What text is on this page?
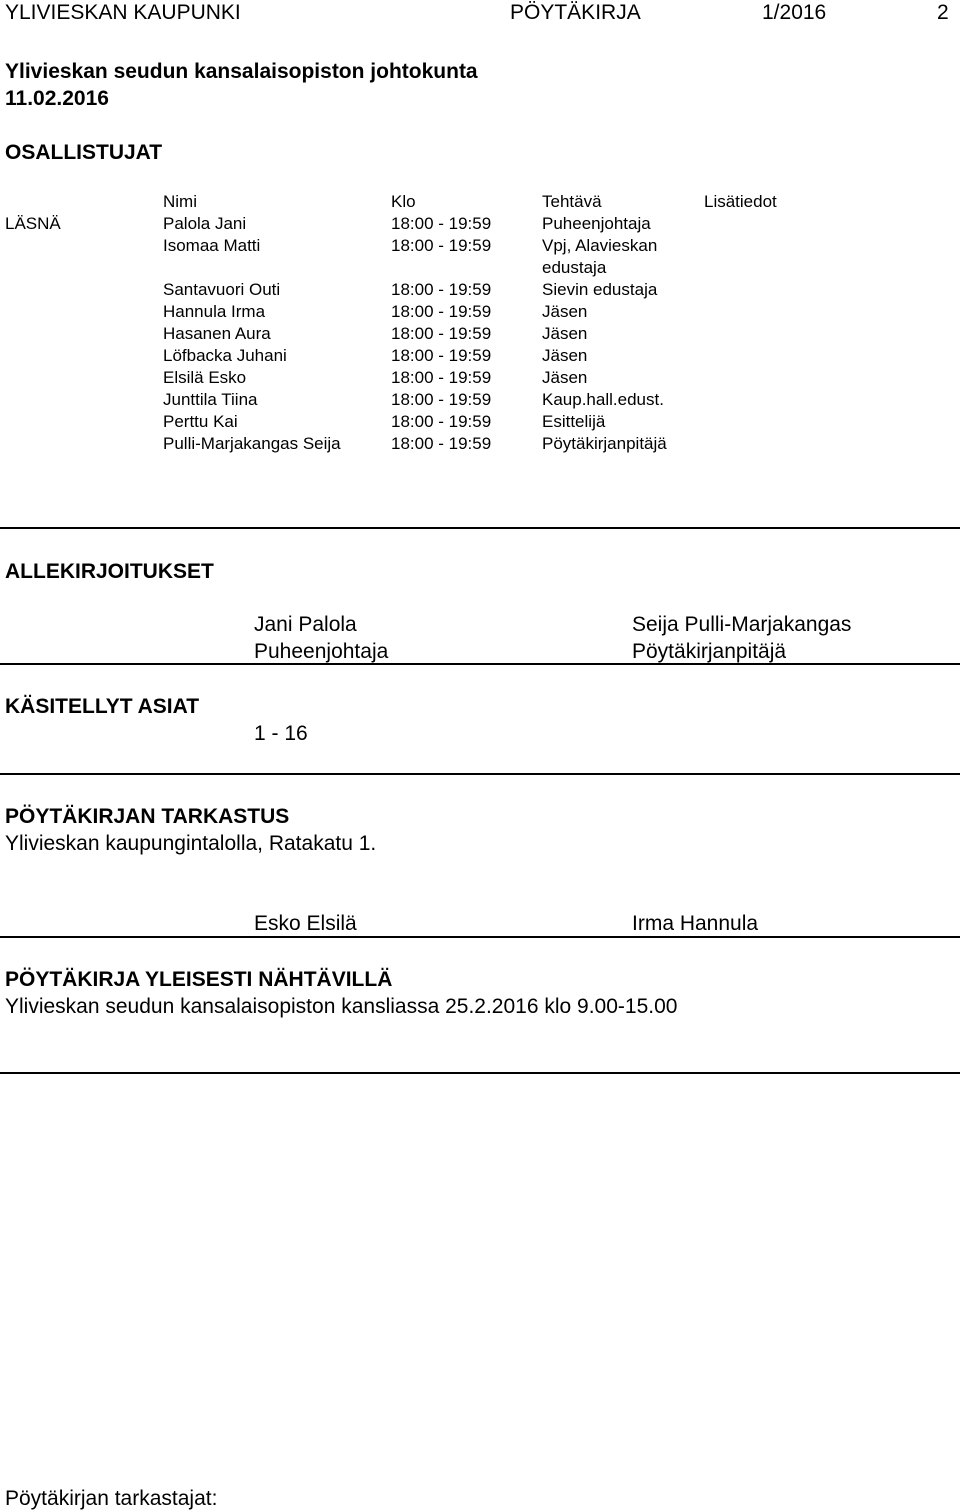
YLIVIESKAN KAUPUNKI	PÖYTÄKIRJA	1/2016	2
Ylivieskan seudun kansalaisopiston johtokunta
11.02.2016
OSALLISTUJAT
	Nimi	Klo	Tehtävä	Lisätiedot
LÄSNÄ	Palola Jani	18:00 - 19:59	Puheenjohtaja	
	Isomaa Matti	18:00 - 19:59	Vpj, Alavieskan edustaja	
	Santavuori Outi	18:00 - 19:59	Sievin edustaja	
	Hannula Irma	18:00 - 19:59	Jäsen	
	Hasanen Aura	18:00 - 19:59	Jäsen	
	Löfbacka Juhani	18:00 - 19:59	Jäsen	
	Elsilä Esko	18:00 - 19:59	Jäsen	
	Junttila Tiina	18:00 - 19:59	Kaup.hall.edust.	
	Perttu Kai	18:00 - 19:59	Esittelijä	
	Pulli-Marjakangas Seija	18:00 - 19:59	Pöytäkirjanpitäjä	
ALLEKIRJOITUKSET
Jani Palola
Puheenjohtaja
Seija Pulli-Marjakangas
Pöytäkirjanpitäjä
KÄSITELLYT ASIAT
1 - 16
PÖYTÄKIRJAN TARKASTUS
Ylivieskan kaupungintalolla, Ratakatu 1.
Esko Elsilä	Irma Hannula
PÖYTÄKIRJA YLEISESTI NÄHTÄVILLÄ
Ylivieskan seudun kansalaisopiston kansliassa 25.2.2016 klo 9.00-15.00
Pöytäkirjan tarkastajat:
